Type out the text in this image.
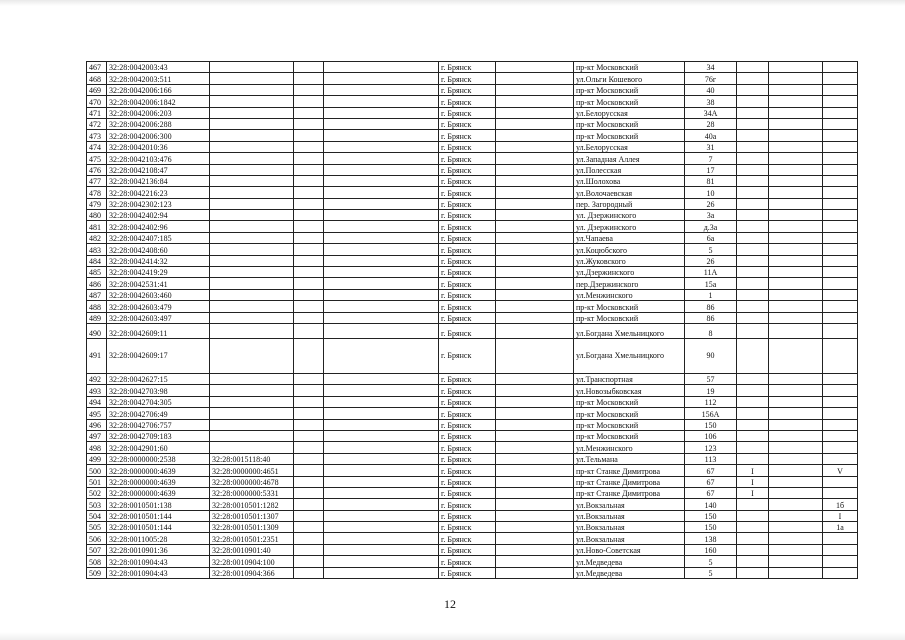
467	32:28:0042003:43				г. Брянск		пр-кт Московский	34			
468	32:28:0042003:511				г. Брянск		ул.Ольги Кошевого	76г			
469	32:28:0042006:166				г. Брянск		пр-кт Московский	40			
470	32:28:0042006:1842				г. Брянск		пр-кт Московский	38			
471	32:28:0042006:203				г. Брянск		ул.Белорусская	34А			
472	32:28:0042006:288				г. Брянск		пр-кт Московский	28			
473	32:28:0042006:300				г. Брянск		пр-кт Московский	40а			
474	32:28:0042010:36				г. Брянск		ул.Белорусская	31			
475	32:28:0042103:476				г. Брянск		ул.Западная Аллея	7			
476	32:28:0042108:47				г. Брянск		ул.Полесская	17			
477	32:28:0042136:84				г. Брянск		ул.Шолохова	81			
478	32:28:0042216:23				г. Брянск		ул.Волочаевская	10			
479	32:28:0042302:123				г. Брянск		пер. Загородный	26			
480	32:28:0042402:94				г. Брянск		ул. Дзержинского	3а			
481	32:28:0042402:96				г. Брянск		ул. Дзержинского	д.3а			
482	32:28:0042407:185				г. Брянск		ул.Чапаева	6а			
483	32:28:0042408:60				г. Брянск		ул.Коцюбского	5			
484	32:28:0042414:32				г. Брянск		ул.Жуковского	26			
485	32:28:0042419:29				г. Брянск		ул.Дзержинского	11А			
486	32:28:0042531:41				г. Брянск		пер.Дзержинского	15а			
487	32:28:0042603:460				г. Брянск		ул.Менжинского	1			
488	32:28:0042603:479				г. Брянск		пр-кт Московский	86			
489	32:28:0042603:497				г. Брянск		пр-кт Московский	86			
490	32:28:0042609:11				г. Брянск		ул.Богдана Хмельницкого	8			
491	32:28:0042609:17				г. Брянск		ул.Богдана Хмельницкого	90			
492	32:28:0042627:15				г. Брянск		ул.Транспортная	57			
493	32:28:0042703:98				г. Брянск		ул.Новозыбковская	19			
494	32:28:0042704:305				г. Брянск		пр-кт Московский	112			
495	32:28:0042706:49				г. Брянск		пр-кт Московский	156А			
496	32:28:0042706:757				г. Брянск		пр-кт Московский	150			
497	32:28:0042709:183				г. Брянск		пр-кт Московский	106			
498	32:28:0042901:60				г. Брянск		ул.Менжинского	123			
499	32:28:0000000:2538	32:28:0015118:40			г. Брянск		ул.Тельмана	113			
500	32:28:0000000:4639	32:28:0000000:4651			г. Брянск		пр-кт Станке Димитрова	67	I		V
501	32:28:0000000:4639	32:28:0000000:4678			г. Брянск		пр-кт Станке Димитрова	67	I		
502	32:28:0000000:4639	32:28:0000000:5331			г. Брянск		пр-кт Станке Димитрова	67	I		
503	32:28:0010501:138	32:28:0010501:1282			г. Брянск		ул.Вокзальная	140			1б
504	32:28:0010501:144	32:28:0010501:1307			г. Брянск		ул.Вокзальная	150			I
505	32:28:0010501:144	32:28:0010501:1309			г. Брянск		ул.Вокзальная	150			1а
506	32:28:0011005:28	32:28:0010501:2351			г. Брянск		ул.Вокзальная	138			
507	32:28:0010901:36	32:28:0010901:40			г. Брянск		ул.Ново-Советская	160			
508	32:28:0010904:43	32:28:0010904:100			г. Брянск		ул.Медведева	5			
509	32:28:0010904:43	32:28:0010904:366			г. Брянск		ул.Медведева	5			
12
